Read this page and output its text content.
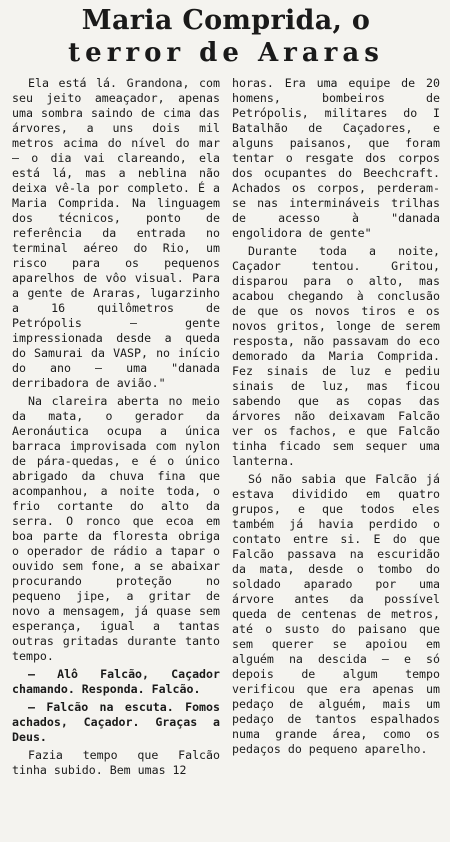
Maria Comprida, o
terror de Araras

Ela está lá. Grandona, com seu jeito ameaçador, apenas uma sombra saindo de cima das árvores, a uns dois mil metros acima do nível do mar — o dia vai clareando, ela está lá, mas a neblina não deixa vê-la por completo. É a Maria Comprida. Na linguagem dos técnicos, ponto de referência da entrada no terminal aéreo do Rio, um risco para os pequenos aparelhos de vôo visual. Para a gente de Araras, lugarzinho a 16 quilômetros de Petrópolis — gente impressionada desde a queda do Samurai da VASP, no início do ano — uma "danada derribadora de avião."

Na clareira aberta no meio da mata, o gerador da Aeronáutica ocupa a única barraca improvisada com nylon de pára-quedas, e é o único abrigado da chuva fina que acompanhou, a noite toda, o frio cortante do alto da serra. O ronco que ecoa em boa parte da floresta obriga o operador de rádio a tapar o ouvido sem fone, a se abaixar procurando proteção no pequeno jipe, a gritar de novo a mensagem, já quase sem esperança, igual a tantas outras gritadas durante tanto tempo.

— Alô Falcão, Caçador chamando. Responda. Falcão.

— Falcão na escuta. Fomos achados, Caçador. Graças a Deus.

Fazia tempo que Falcão tinha subido. Bem umas 12

horas. Era uma equipe de 20 homens, bombeiros de Petrópolis, militares do I Batalhão de Caçadores, e alguns paisanos, que foram tentar o resgate dos corpos dos ocupantes do Beechcraft. Achados os corpos, perderam-se nas intermináveis trilhas de acesso à "danada engolidora de gente"

Durante toda a noite, Caçador tentou. Gritou, disparou para o alto, mas acabou chegando à conclusão de que os novos tiros e os novos gritos, longe de serem resposta, não passavam do eco demorado da Maria Comprida. Fez sinais de luz e pediu sinais de luz, mas ficou sabendo que as copas das árvores não deixavam Falcão ver os fachos, e que Falcão tinha ficado sem sequer uma lanterna.

Só não sabia que Falcão já estava dividido em quatro grupos, e que todos eles também já havia perdido o contato entre si. E do que Falcão passava na escuridão da mata, desde o tombo do soldado aparado por uma árvore antes da possível queda de centenas de metros, até o susto do paisano que sem querer se apoiou em alguém na descida — e só depois de algum tempo verificou que era apenas um pedaço de alguém, mais um pedaço de tantos espalhados numa grande área, como os pedaços do pequeno aparelho.
